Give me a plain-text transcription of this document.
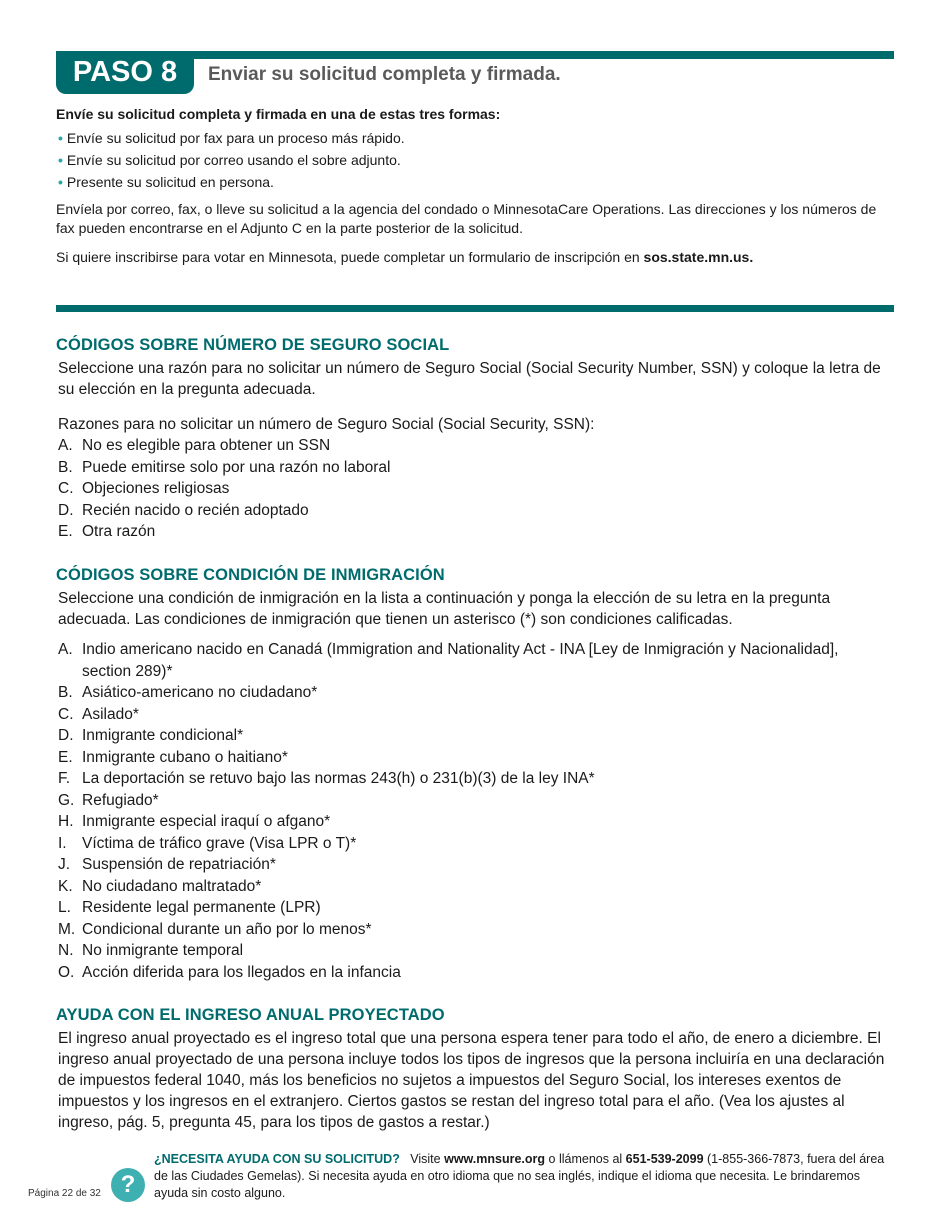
PASO 8	Enviar su solicitud completa y firmada.
Envíe su solicitud completa y firmada en una de estas tres formas:
• Envíe su solicitud por fax para un proceso más rápido.
• Envíe su solicitud por correo usando el sobre adjunto.
• Presente su solicitud en persona.
Envíela por correo, fax, o lleve su solicitud a la agencia del condado o MinnesotaCare Operations. Las direcciones y los números de fax pueden encontrarse en el Adjunto C en la parte posterior de la solicitud.
Si quiere inscribirse para votar en Minnesota, puede completar un formulario de inscripción en sos.state.mn.us.
CÓDIGOS SOBRE NÚMERO DE SEGURO SOCIAL
Seleccione una razón para no solicitar un número de Seguro Social (Social Security Number, SSN) y coloque la letra de su elección en la pregunta adecuada.
Razones para no solicitar un número de Seguro Social (Social Security, SSN):
A. No es elegible para obtener un SSN
B. Puede emitirse solo por una razón no laboral
C. Objeciones religiosas
D. Recién nacido o recién adoptado
E. Otra razón
CÓDIGOS SOBRE CONDICIÓN DE INMIGRACIÓN
Seleccione una condición de inmigración en la lista a continuación y ponga la elección de su letra en la pregunta adecuada. Las condiciones de inmigración que tienen un asterisco (*) son condiciones calificadas.
A. Indio americano nacido en Canadá (Immigration and Nationality Act - INA [Ley de Inmigración y Nacionalidad], section 289)*
B. Asiático-americano no ciudadano*
C. Asilado*
D. Inmigrante condicional*
E. Inmigrante cubano o haitiano*
F. La deportación se retuvo bajo las normas 243(h) o 231(b)(3) de la ley INA*
G. Refugiado*
H. Inmigrante especial iraquí o afgano*
I. Víctima de tráfico grave (Visa LPR o T)*
J. Suspensión de repatriación*
K. No ciudadano maltratado*
L. Residente legal permanente (LPR)
M. Condicional durante un año por lo menos*
N. No inmigrante temporal
O. Acción diferida para los llegados en la infancia
AYUDA CON EL INGRESO ANUAL PROYECTADO
El ingreso anual proyectado es el ingreso total que una persona espera tener para todo el año, de enero a diciembre. El ingreso anual proyectado de una persona incluye todos los tipos de ingresos que la persona incluiría en una declaración de impuestos federal 1040, más los beneficios no sujetos a impuestos del Seguro Social, los intereses exentos de impuestos y los ingresos en el extranjero. Ciertos gastos se restan del ingreso total para el año. (Vea los ajustes al ingreso, pág. 5, pregunta 45, para los tipos de gastos a restar.)
?
¿NECESITA AYUDA CON SU SOLICITUD? Visite www.mnsure.org o llámenos al 651-539-2099 (1-855-366-7873, fuera del área de las Ciudades Gemelas). Si necesita ayuda en otro idioma que no sea inglés, indique el idioma que necesita. Le brindaremos ayuda sin costo alguno.
Página 22 de 32
